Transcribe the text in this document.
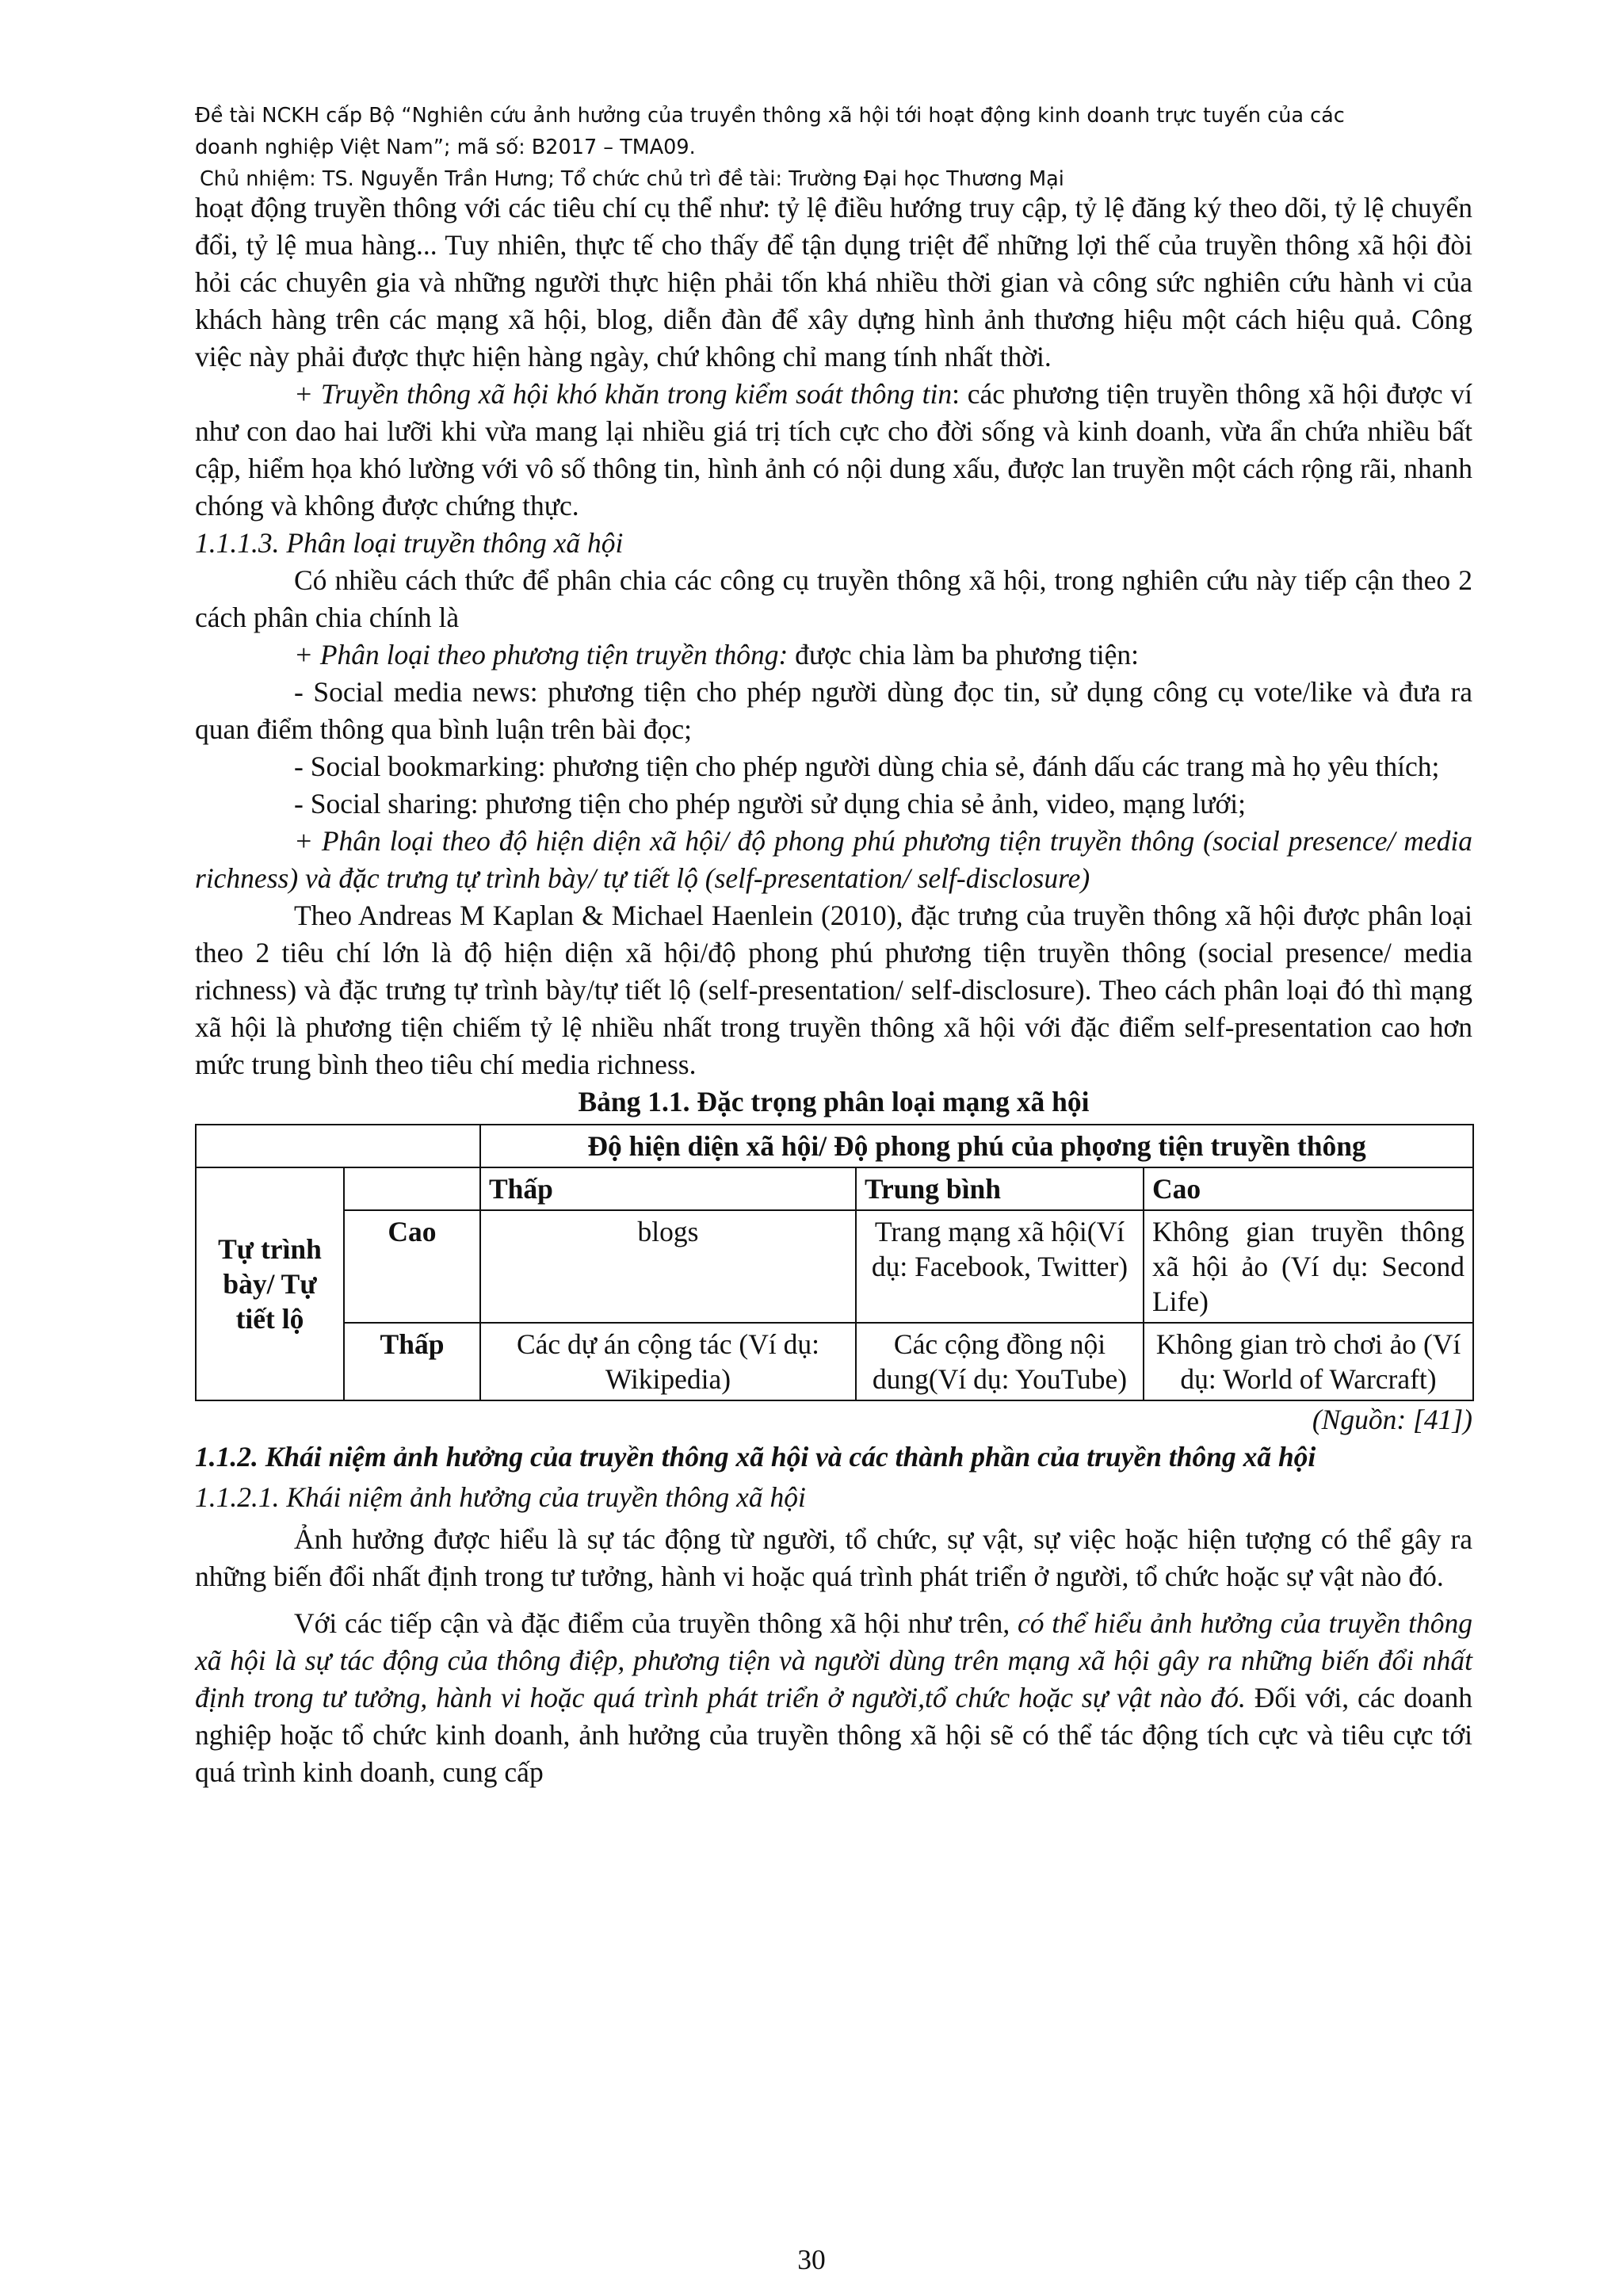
Đề tài NCKH cấp Bộ “Nghiên cứu ảnh hưởng của truyền thông xã hội tới hoạt động kinh doanh trực tuyến của các
doanh nghiệp Việt Nam”; mã số: B2017 – TMA09.
Chủ nhiệm: TS. Nguyễn Trần Hưng; Tổ chức chủ trì đề tài: Trường Đại học Thương Mại

hoạt động truyền thông với các tiêu chí cụ thể như: tỷ lệ điều hướng truy cập, tỷ lệ đăng ký theo dõi, tỷ lệ chuyển đổi, tỷ lệ mua hàng... Tuy nhiên, thực tế cho thấy để tận dụng triệt để những lợi thế của truyền thông xã hội đòi hỏi các chuyên gia và những người thực hiện phải tốn khá nhiều thời gian và công sức nghiên cứu hành vi của khách hàng trên các mạng xã hội, blog, diễn đàn để xây dựng hình ảnh thương hiệu một cách hiệu quả. Công việc này phải được thực hiện hàng ngày, chứ không chỉ mang tính nhất thời.

+ Truyền thông xã hội khó khăn trong kiểm soát thông tin: các phương tiện truyền thông xã hội được ví như con dao hai lưỡi khi vừa mang lại nhiều giá trị tích cực cho đời sống và kinh doanh, vừa ẩn chứa nhiều bất cập, hiểm họa khó lường với vô số thông tin, hình ảnh có nội dung xấu, được lan truyền một cách rộng rãi, nhanh chóng và không được chứng thực.

1.1.1.3. Phân loại truyền thông xã hội

Có nhiều cách thức để phân chia các công cụ truyền thông xã hội, trong nghiên cứu này tiếp cận theo 2 cách phân chia chính là

+ Phân loại theo phương tiện truyền thông: được chia làm ba phương tiện:

- Social media news: phương tiện cho phép người dùng đọc tin, sử dụng công cụ vote/like và đưa ra quan điểm thông qua bình luận trên bài đọc;

- Social bookmarking: phương tiện cho phép người dùng chia sẻ, đánh dấu các trang mà họ yêu thích;

- Social sharing: phương tiện cho phép người sử dụng chia sẻ ảnh, video, mạng lưới;

+ Phân loại theo độ hiện diện xã hội/ độ phong phú phương tiện truyền thông (social presence/ media richness) và đặc trưng tự trình bày/ tự tiết lộ (self-presentation/ self-disclosure)

Theo Andreas M Kaplan & Michael Haenlein (2010), đặc trưng của truyền thông xã hội được phân loại theo 2 tiêu chí lớn là độ hiện diện xã hội/độ phong phú phương tiện truyền thông (social presence/ media richness) và đặc trưng tự trình bày/tự tiết lộ (self-presentation/ self-disclosure). Theo cách phân loại đó thì mạng xã hội là phương tiện chiếm tỷ lệ nhiều nhất trong truyền thông xã hội với đặc điểm self-presentation cao hơn mức trung bình theo tiêu chí media richness.

Bảng 1.1. Đặc trọng phân loại mạng xã hội

		Độ hiện diện xã hội/ Độ phong phú của phọơng tiện truyền thông		
Tự trình bày/ Tự tiết lộ		Thấp	Trung bình	Cao
	Cao	blogs	Trang mạng xã hội(Ví dụ: Facebook, Twitter)	Không gian truyền thông xã hội ảo (Ví dụ: Second Life)
	Thấp	Các dự án cộng tác (Ví dụ: Wikipedia)	Các cộng đồng nội dung(Ví dụ: YouTube)	Không gian trò chơi ảo (Ví dụ: World of Warcraft)

(Nguồn: [41])

1.1.2. Khái niệm ảnh hưởng của truyền thông xã hội và các thành phần của truyền thông xã hội

1.1.2.1. Khái niệm ảnh hưởng của truyền thông xã hội

Ảnh hưởng được hiểu là sự tác động từ người, tổ chức, sự vật, sự việc hoặc hiện tượng có thể gây ra những biến đổi nhất định trong tư tưởng, hành vi hoặc quá trình phát triển ở người, tổ chức hoặc sự vật nào đó.

Với các tiếp cận và đặc điểm của truyền thông xã hội như trên, có thể hiểu ảnh hưởng của truyền thông xã hội là sự tác động của thông điệp, phương tiện và người dùng trên mạng xã hội gây ra những biến đổi nhất định trong tư tưởng, hành vi hoặc quá trình phát triển ở người,tổ chức hoặc sự vật nào đó. Đối với, các doanh nghiệp hoặc tổ chức kinh doanh, ảnh hưởng của truyền thông xã hội sẽ có thể tác động tích cực và tiêu cực tới quá trình kinh doanh, cung cấp

30
